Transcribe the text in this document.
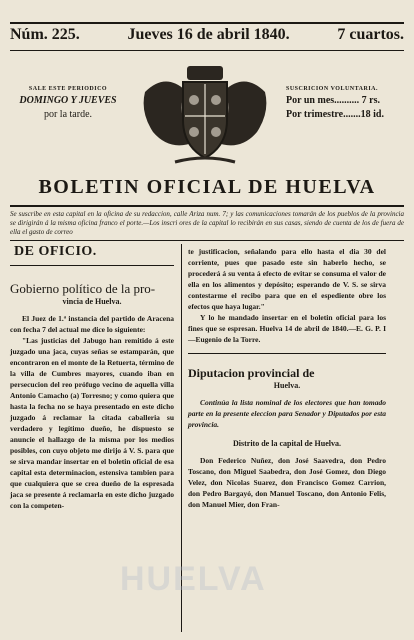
Núm. 225.	Jueves 16 de abril 1840.	7 cuartos.
SALE ESTE PERIODICO
DOMINGO Y JUEVES
por la tarde.
SUSCRICION VOLUNTARIA.
Por un mes.......... 7 rs.
Por trimestre.......18 id.
BOLETIN OFICIAL DE HUELVA
Se suscribe en esta capital en la oficina de su redaccion, calle Ariza num. 7; y las comunicaciones tomarán de los pueblos de la provincia se dirigirán á la misma oficina franco el porte.—Los inscri ores de la capital lo recibirán en sus casas, siendo de cuenta de los de fuera de ella el gasto de correo
DE OFICIO.
Gobierno político de la pro-
vincia de Huelva.

El Juez de 1.ª instancia del partido de Aracena con fecha 7 del actual me dice lo siguiente:

"Las justicias del Jabugo han remitido á este juzgado una jaca, cuyas señas se estamparán, que encontraron en el monte de la Retuerta, término de la villa de Cumbres mayores, cuando iban en persecucion del reo prófugo vecino de aquella villa Antonio Camacho (a) Torresno; y como quiera que hasta la fecha no se haya presentado en este dicho juzgado á reclamar la citada caballeria su verdadero y legítimo dueño, he dispuesto se anuncie el hallazgo de la misma por los medios posibles, con cuyo objeto me dirijo á V. S. para que se sirva mandar insertar en el boletin oficial de esa capital esta determinacion, estensiva tambien para que cualquiera que se crea dueño de la espresada jaca se presente á reclamarla en este dicho juzgado con la competen-

te justificacion, señalando para ello hasta el dia 30 del corriente, pues que pasado este sin haberlo hecho, se procederá á su venta á efecto de evitar se consuma el valor de ella en los alimentos y depósito; esperando de V. S. se sirva contestarme el recibo para que en el espediente obre los efectos que haya lugar."

Y lo he mandado insertar en el boletin oficial para los fines que se espresan. Huelva 14 de abril de 1840.—E. G. P. I—Eugenio de la Torre.

Diputacion provincial de
Huelva.

Continúa la lista nominal de los electores que han tomado parte en la presente eleccion para Senador y Diputados por esta provincia.

Distrito de la capital de Huelva.

Don Federico Nuñez, don José Saavedra, don Pedro Toscano, don Miguel Saabedra, don José Gomez, don Diego Velez, don Nicolas Suarez, don Francisco Gomez Carrion, don Pedro Bargayó, don Manuel Toscano, don Antonio Felis, don Manuel Mier, don Fran-

HUELVA
